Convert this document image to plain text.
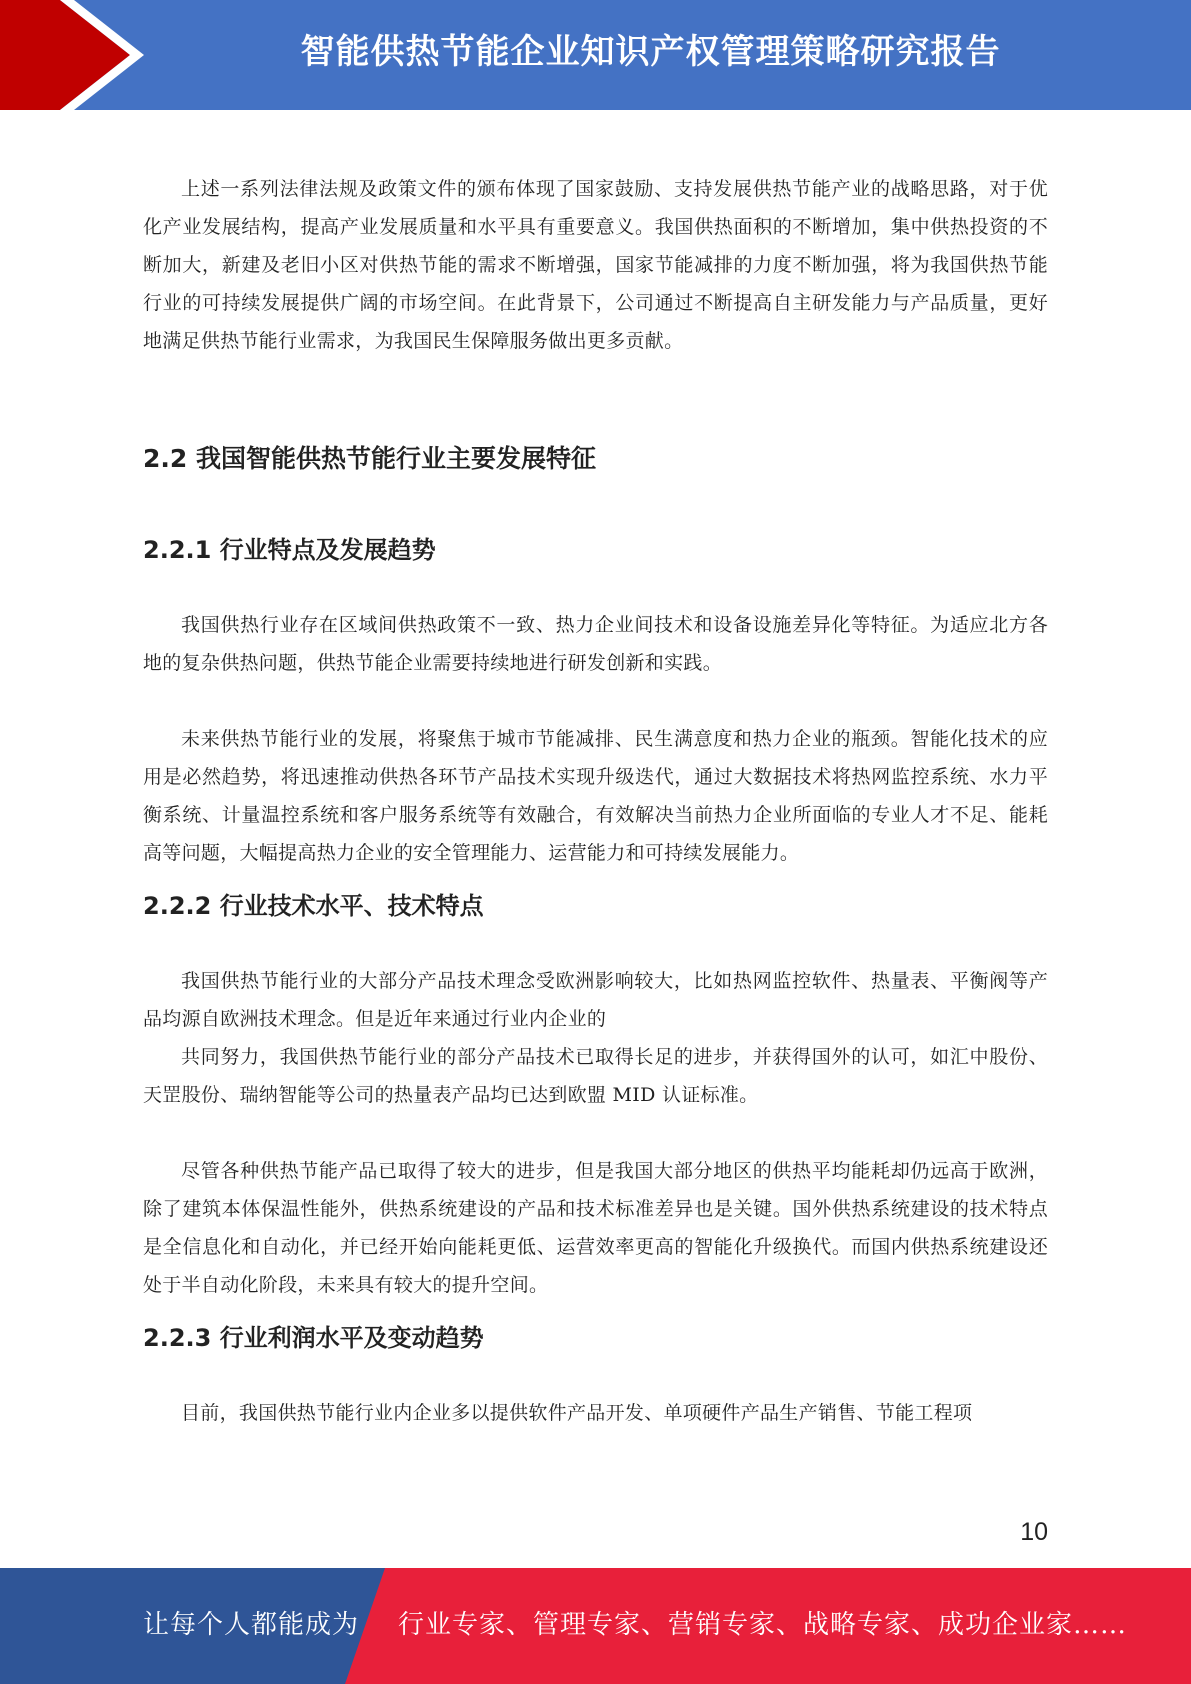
智能供热节能企业知识产权管理策略研究报告

上述一系列法律法规及政策文件的颁布体现了国家鼓励、支持发展供热节能产业的战略思路，对于优化产业发展结构，提高产业发展质量和水平具有重要意义。我国供热面积的不断增加，集中供热投资的不断加大，新建及老旧小区对供热节能的需求不断增强，国家节能减排的力度不断加强，将为我国供热节能行业的可持续发展提供广阔的市场空间。在此背景下，公司通过不断提高自主研发能力与产品质量，更好地满足供热节能行业需求，为我国民生保障服务做出更多贡献。

2.2 我国智能供热节能行业主要发展特征
2.2.1 行业特点及发展趋势

我国供热行业存在区域间供热政策不一致、热力企业间技术和设备设施差异化等特征。为适应北方各地的复杂供热问题，供热节能企业需要持续地进行研发创新和实践。

未来供热节能行业的发展，将聚焦于城市节能减排、民生满意度和热力企业的瓶颈。智能化技术的应用是必然趋势，将迅速推动供热各环节产品技术实现升级迭代，通过大数据技术将热网监控系统、水力平衡系统、计量温控系统和客户服务系统等有效融合，有效解决当前热力企业所面临的专业人才不足、能耗高等问题，大幅提高热力企业的安全管理能力、运营能力和可持续发展能力。

2.2.2 行业技术水平、技术特点

我国供热节能行业的大部分产品技术理念受欧洲影响较大，比如热网监控软件、热量表、平衡阀等产品均源自欧洲技术理念。但是近年来通过行业内企业的

共同努力，我国供热节能行业的部分产品技术已取得长足的进步，并获得国外的认可，如汇中股份、天罡股份、瑞纳智能等公司的热量表产品均已达到欧盟 MID 认证标准。

尽管各种供热节能产品已取得了较大的进步，但是我国大部分地区的供热平均能耗却仍远高于欧洲，除了建筑本体保温性能外，供热系统建设的产品和技术标准差异也是关键。国外供热系统建设的技术特点是全信息化和自动化，并已经开始向能耗更低、运营效率更高的智能化升级换代。而国内供热系统建设还处于半自动化阶段，未来具有较大的提升空间。

2.2.3 行业利润水平及变动趋势

目前，我国供热节能行业内企业多以提供软件产品开发、单项硬件产品生产销售、节能工程项

10
让每个人都能成为 行业专家、管理专家、营销专家、战略专家、成功企业家……
